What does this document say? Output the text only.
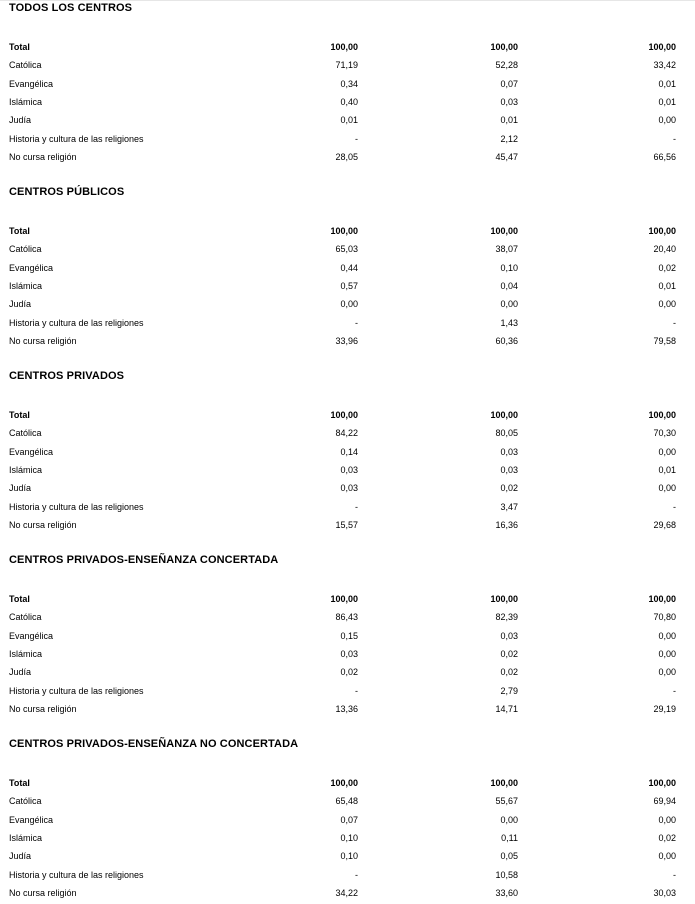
TODOS LOS CENTROS
Total	100,00	100,00	100,00
Católica	71,19	52,28	33,42
Evangélica	0,34	0,07	0,01
Islámica	0,40	0,03	0,01
Judía	0,01	0,01	0,00
Historia y cultura de las religiones	-	2,12	-
No cursa religión	28,05	45,47	66,56
CENTROS PÚBLICOS
Total	100,00	100,00	100,00
Católica	65,03	38,07	20,40
Evangélica	0,44	0,10	0,02
Islámica	0,57	0,04	0,01
Judía	0,00	0,00	0,00
Historia y cultura de las religiones	-	1,43	-
No cursa religión	33,96	60,36	79,58
CENTROS PRIVADOS
Total	100,00	100,00	100,00
Católica	84,22	80,05	70,30
Evangélica	0,14	0,03	0,00
Islámica	0,03	0,03	0,01
Judía	0,03	0,02	0,00
Historia y cultura de las religiones	-	3,47	-
No cursa religión	15,57	16,36	29,68
CENTROS PRIVADOS-ENSEÑANZA CONCERTADA
Total	100,00	100,00	100,00
Católica	86,43	82,39	70,80
Evangélica	0,15	0,03	0,00
Islámica	0,03	0,02	0,00
Judía	0,02	0,02	0,00
Historia y cultura de las religiones	-	2,79	-
No cursa religión	13,36	14,71	29,19
CENTROS PRIVADOS-ENSEÑANZA NO CONCERTADA
Total	100,00	100,00	100,00
Católica	65,48	55,67	69,94
Evangélica	0,07	0,00	0,00
Islámica	0,10	0,11	0,02
Judía	0,10	0,05	0,00
Historia y cultura de las religiones	-	10,58	-
No cursa religión	34,22	33,60	30,03
